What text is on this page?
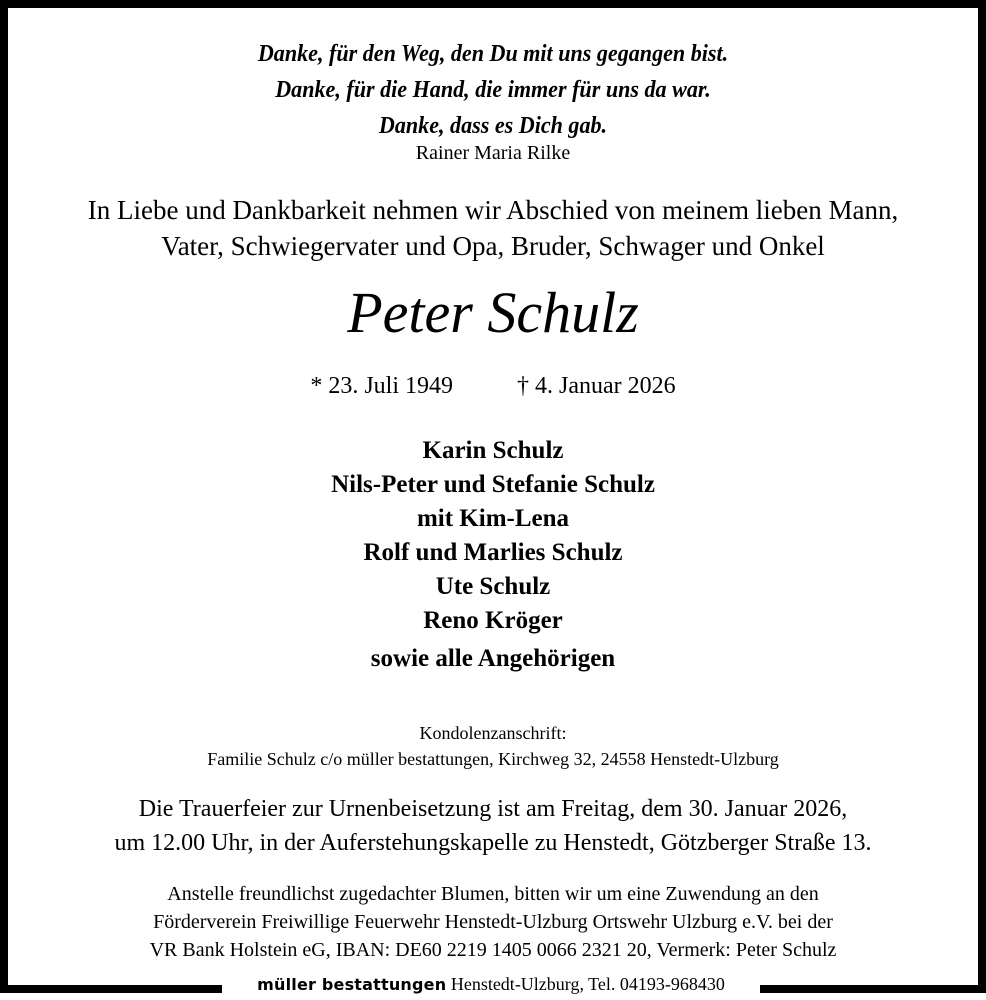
Danke, für den Weg, den Du mit uns gegangen bist.
Danke, für die Hand, die immer für uns da war.
Danke, dass es Dich gab.
Rainer Maria Rilke
In Liebe und Dankbarkeit nehmen wir Abschied von meinem lieben Mann,
Vater, Schwiegervater und Opa, Bruder, Schwager und Onkel
Peter Schulz
* 23. Juli 1949	† 4. Januar 2026
Karin Schulz
Nils-Peter und Stefanie Schulz
mit Kim-Lena
Rolf und Marlies Schulz
Ute Schulz
Reno Kröger
sowie alle Angehörigen
Kondolenzanschrift:
Familie Schulz c/o müller bestattungen, Kirchweg 32, 24558 Henstedt-Ulzburg
Die Trauerfeier zur Urnenbeisetzung ist am Freitag, dem 30. Januar 2026,
um 12.00 Uhr, in der Auferstehungskapelle zu Henstedt, Götzberger Straße 13.
Anstelle freundlichst zugedachter Blumen, bitten wir um eine Zuwendung an den
Förderverein Freiwillige Feuerwehr Henstedt-Ulzburg Ortswehr Ulzburg e.V. bei der
VR Bank Holstein eG, IBAN: DE60 2219 1405 0066 2321 20, Vermerk: Peter Schulz
müller bestattungen Henstedt-Ulzburg, Tel. 04193-968430
